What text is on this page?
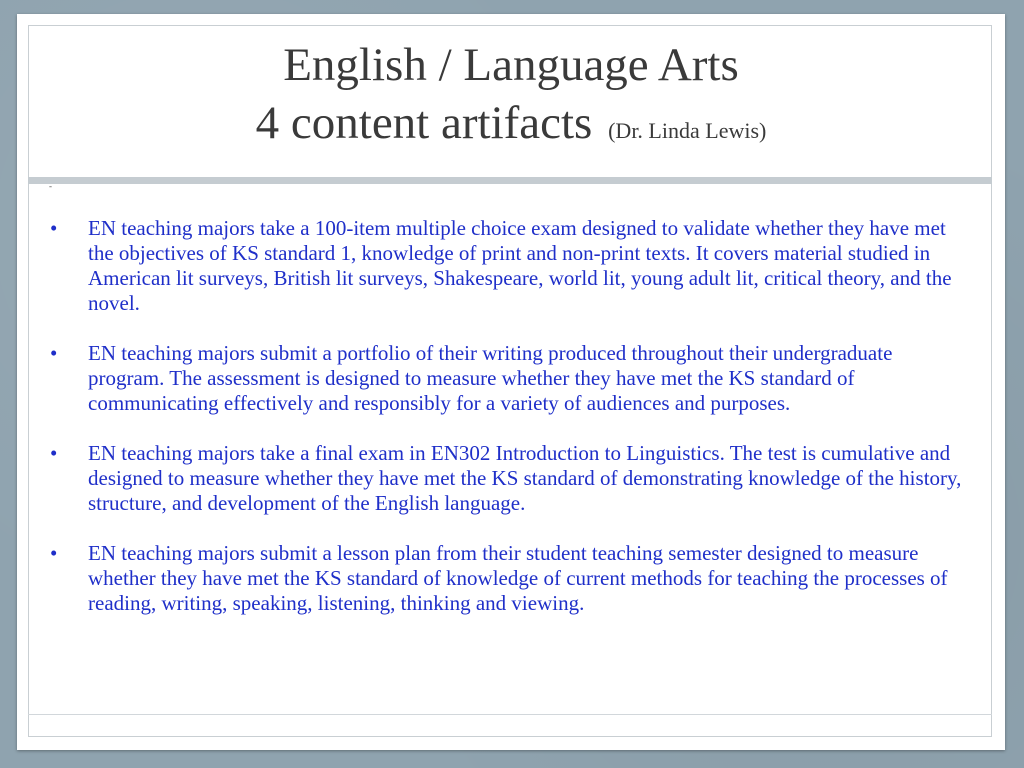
English / Language Arts
4 content artifacts (Dr. Linda Lewis)
-
• EN teaching majors take a 100-item multiple choice exam designed to validate whether they have met the objectives of KS standard 1, knowledge of print and non-print texts. It covers material studied in American lit surveys, British lit surveys, Shakespeare, world lit, young adult lit, critical theory, and the novel.
• EN teaching majors submit a portfolio of their writing produced throughout their undergraduate program. The assessment is designed to measure whether they have met the KS standard of communicating effectively and responsibly for a variety of audiences and purposes.
• EN teaching majors take a final exam in EN302 Introduction to Linguistics. The test is cumulative and designed to measure whether they have met the KS standard of demonstrating knowledge of the history, structure, and development of the English language.
• EN teaching majors submit a lesson plan from their student teaching semester designed to measure whether they have met the KS standard of knowledge of current methods for teaching the processes of reading, writing, speaking, listening, thinking and viewing.
